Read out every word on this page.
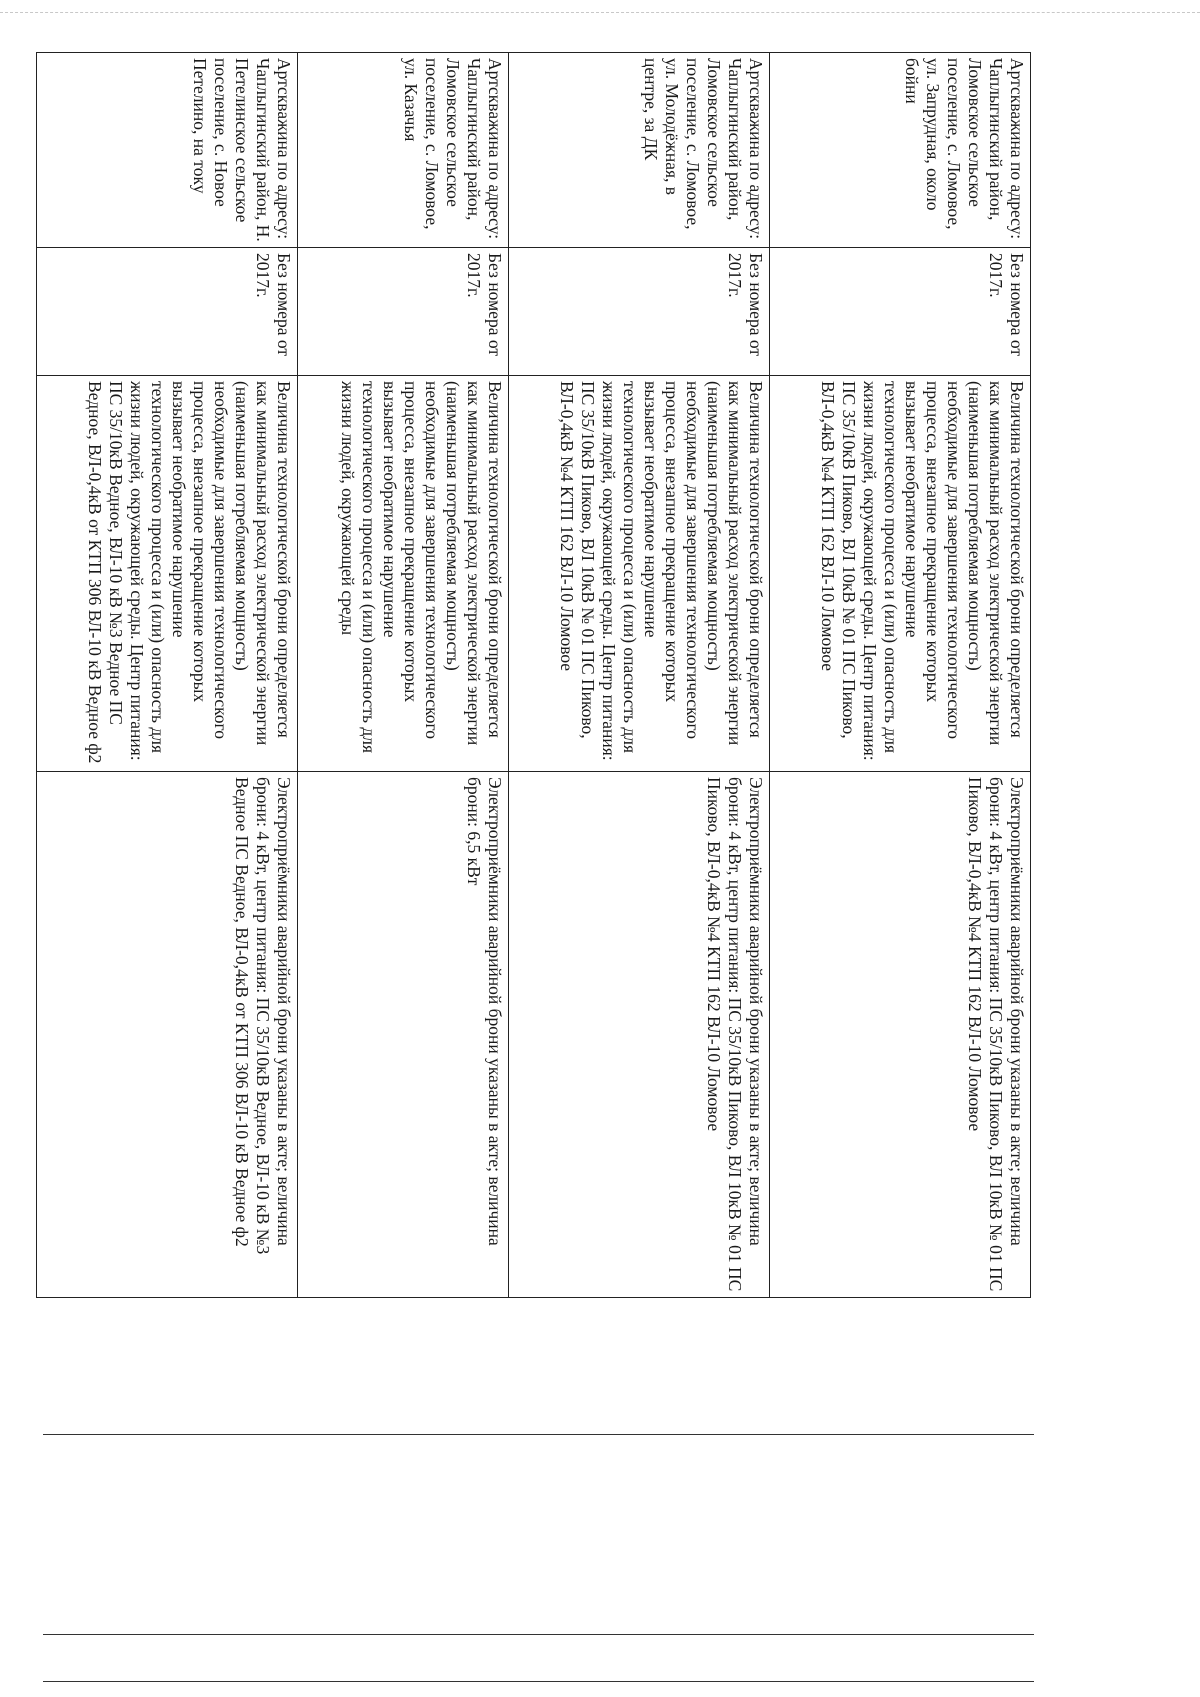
Артскважина по адресу: Чаплыгинский район, Ломовское сельское поселение, с. Ломовое, ул. Запрудная, около бойни	Без номера от 2017г.	Величина технологической брони определяется как минимальный расход электрической энергии (наименьшая потребляемая мощность) необходимые для завершения технологического процесса, внезапное прекращение которых вызывает необратимое нарушение технологического процесса и (или) опасность для жизни людей, окружающей среды. Центр питания: ПС 35/10кВ Пиково, ВЛ 10кВ № 01 ПС Пиково, ВЛ-0,4кВ №4 КТП 162 ВЛ-10 Ломовое	Электроприёмники аварийной брони указаны в акте; величина брони: 4 кВт, центр питания: ПС 35/10кВ Пиково, ВЛ 10кВ № 01 ПС Пиково, ВЛ-0,4кВ №4 КТП 162 ВЛ-10 Ломовое
Артскважина по адресу: Чаплыгинский район, Ломовское сельское поселение, с. Ломовое, ул. Молодёжная, в центре, за ДК	Без номера от 2017г.	Величина технологической брони определяется как минимальный расход электрической энергии (наименьшая потребляемая мощность) необходимые для завершения технологического процесса, внезапное прекращение которых вызывает необратимое нарушение технологического процесса и (или) опасность для жизни людей, окружающей среды. Центр питания: ПС 35/10кВ Пиково, ВЛ 10кВ № 01 ПС Пиково, ВЛ-0,4кВ №4 КТП 162 ВЛ-10 Ломовое	Электроприёмники аварийной брони указаны в акте; величина брони: 4 кВт, центр питания: ПС 35/10кВ Пиково, ВЛ 10кВ № 01 ПС Пиково, ВЛ-0,4кВ №4 КТП 162 ВЛ-10 Ломовое
Артскважина по адресу: Чаплыгинский район, Ломовское сельское поселение, с. Ломовое, ул. Казачья	Без номера от 2017г.	Величина технологической брони определяется как минимальный расход электрической энергии (наименьшая потребляемая мощность) необходимые для завершения технологического процесса, внезапное прекращение которых вызывает необратимое нарушение технологического процесса и (или) опасность для жизни людей, окружающей среды	Электроприёмники аварийной брони указаны в акте; величина брони: 6,5 кВт
Артскважина по адресу: Чаплыгинский район, Н. Петелинское сельское поселение, с. Новое Петелино, на току	Без номера от 2017г.	Величина технологической брони определяется как минимальный расход электрической энергии (наименьшая потребляемая мощность) необходимые для завершения технологического процесса, внезапное прекращение которых вызывает необратимое нарушение технологического процесса и (или) опасность для жизни людей, окружающей среды. Центр питания: ПС 35/10кВ Ведное, ВЛ-10 кВ №3 Ведное ПС Ведное, ВЛ-0,4кВ от КТП 306 ВЛ-10 кВ Ведное ф2	Электроприёмники аварийной брони указаны в акте; величина брони: 4 кВт, центр питания: ПС 35/10кВ Ведное, ВЛ-10 кВ №3 Ведное ПС Ведное, ВЛ-0,4кВ от КТП 306 ВЛ-10 кВ Ведное ф2
